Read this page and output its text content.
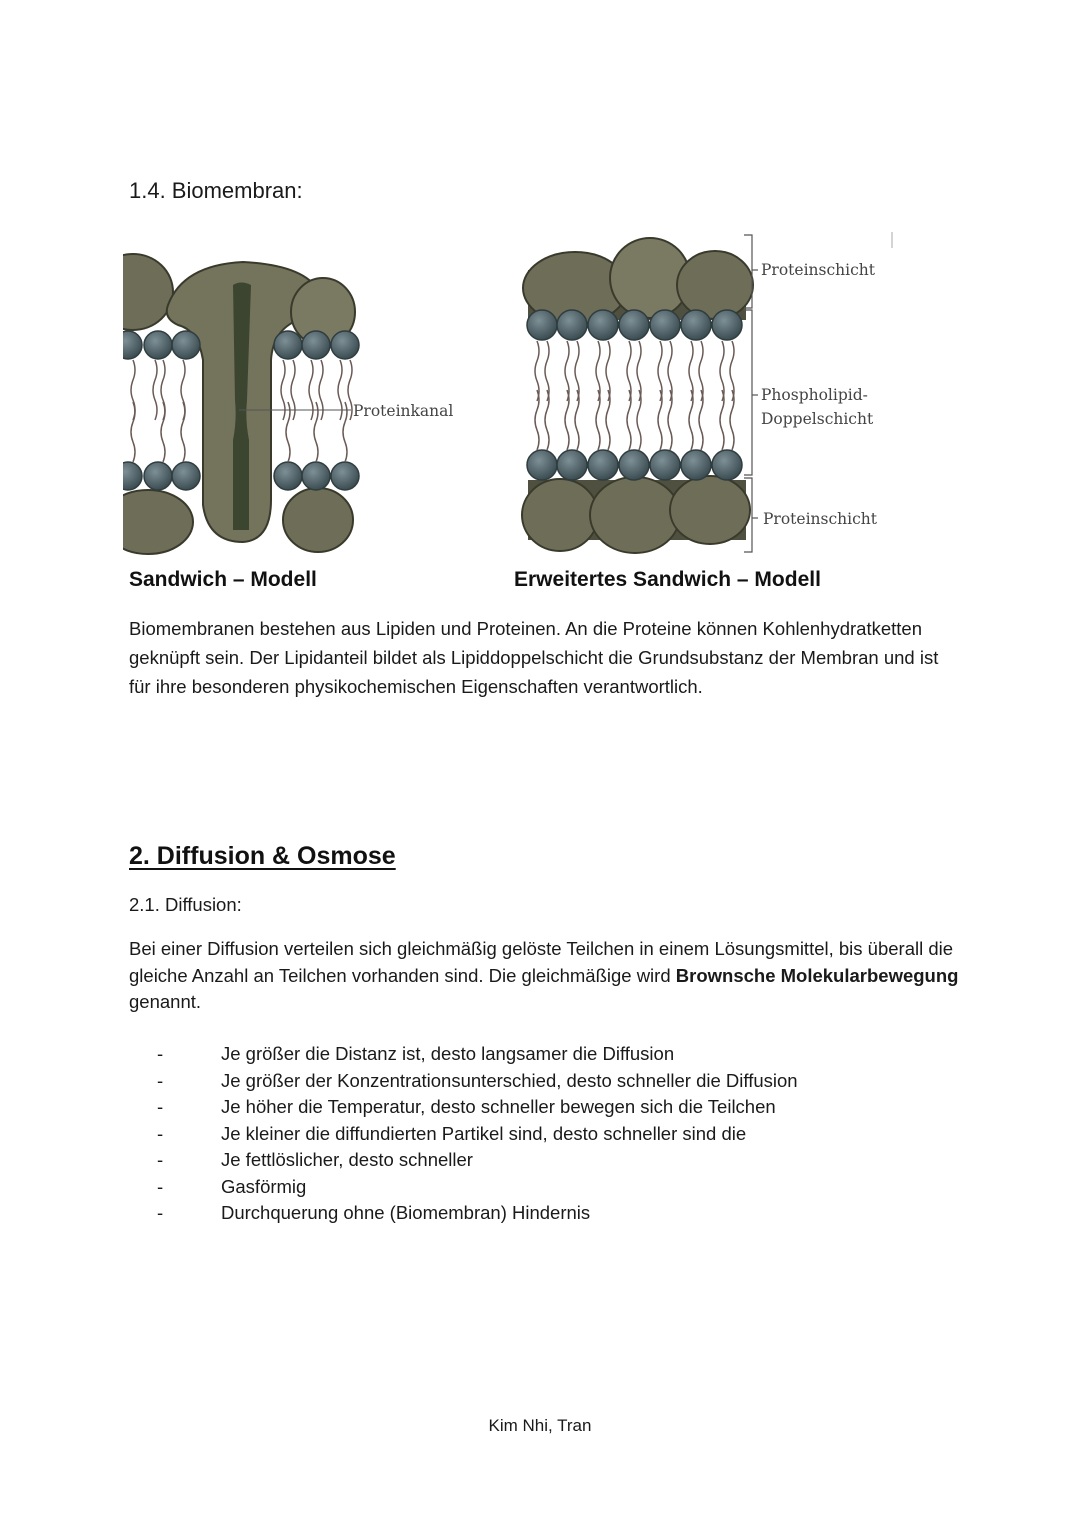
1.4. Biomembran:
Proteinkanal
Proteinschicht
Phospholipid-
Doppelschicht
Proteinschicht
Sandwich – Modell	Erweitertes Sandwich – Modell
Biomembranen bestehen aus Lipiden und Proteinen. An die Proteine können Kohlenhydratketten geknüpft sein. Der Lipidanteil bildet als Lipiddoppelschicht die Grundsubstanz der Membran und ist für ihre besonderen physikochemischen Eigenschaften verantwortlich.
2. Diffusion & Osmose
2.1. Diffusion:
Bei einer Diffusion verteilen sich gleichmäßig gelöste Teilchen in einem Lösungsmittel, bis überall die gleiche Anzahl an Teilchen vorhanden sind. Die gleichmäßige wird Brownsche Molekularbewegung genannt.
-	Je größer die Distanz ist, desto langsamer die Diffusion
-	Je größer der Konzentrationsunterschied, desto schneller die Diffusion
-	Je höher die Temperatur, desto schneller bewegen sich die Teilchen
-	Je kleiner die diffundierten Partikel sind, desto schneller sind die
-	Je fettlöslicher, desto schneller
-	Gasförmig
-	Durchquerung ohne (Biomembran) Hindernis
Kim Nhi, Tran
